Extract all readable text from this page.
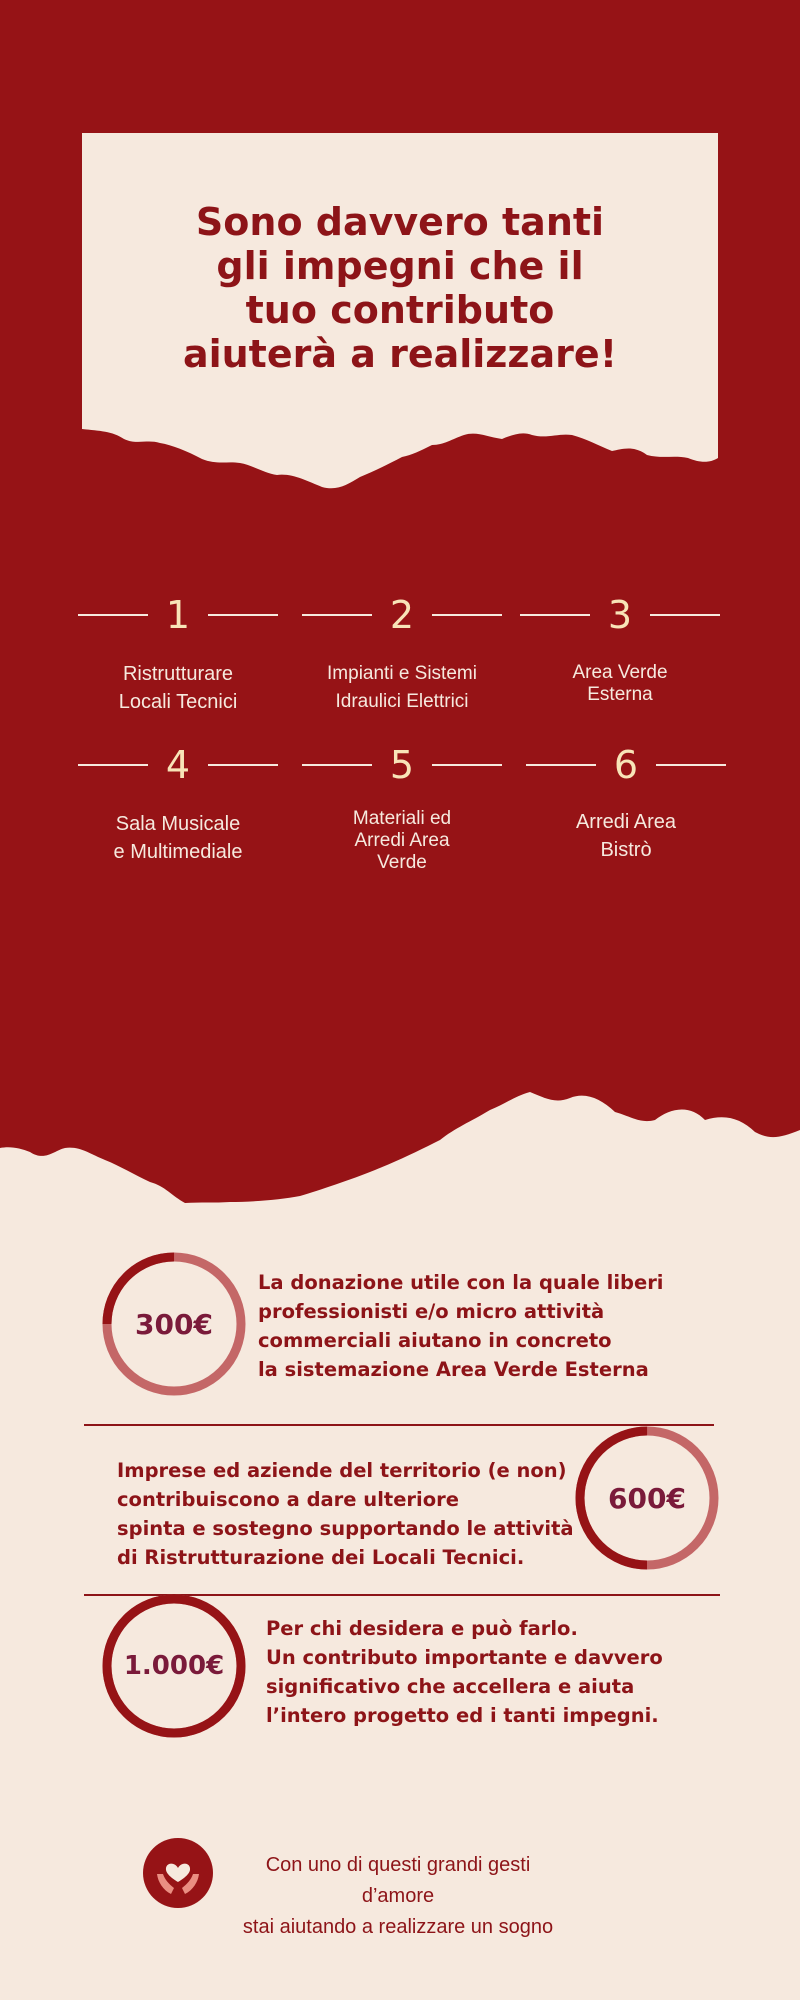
Sono davvero tanti
gli impegni che il
tuo contributo
aiuterà a realizzare!
1
Ristrutturare
Locali Tecnici
2
Impianti e Sistemi
Idraulici Elettrici
3
Area Verde
Esterna
4
Sala Musicale
e Multimediale
5
Materiali ed
Arredi Area
Verde
6
Arredi Area
Bistrò
300€

La donazione utile con la quale liberi
professionisti e/o micro attività
commerciali aiutano in concreto
la sistemazione Area Verde Esterna

Imprese ed aziende del territorio (e non)
contribuiscono a dare ulteriore
spinta e sostegno supportando le attività
di Ristrutturazione dei Locali Tecnici.

600€
1.000€

Per chi desidera e può farlo.
Un contributo importante e davvero
significativo che accellera e aiuta
l’intero progetto ed i tanti impegni.

Con uno di questi grandi gesti d’amore
stai aiutando a realizzare un sogno
